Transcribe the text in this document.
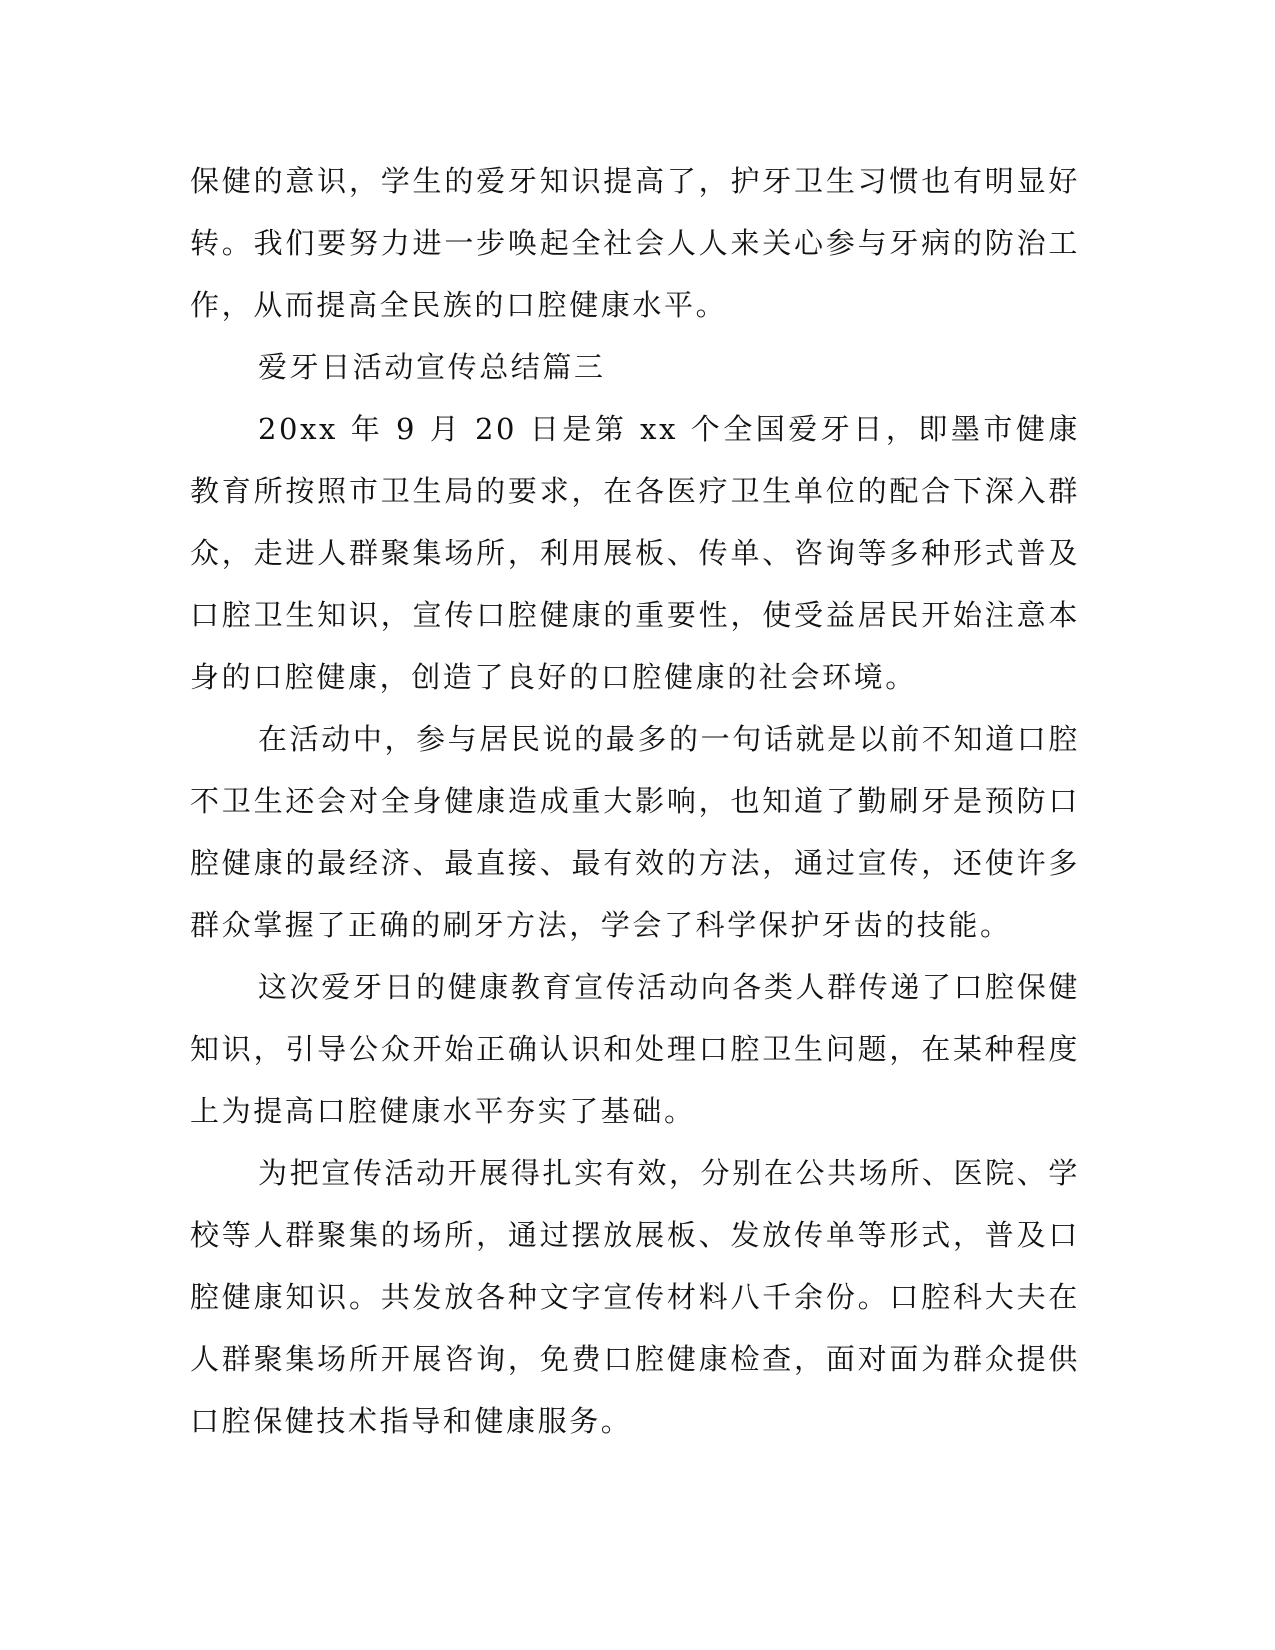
保健的意识，学生的爱牙知识提高了，护牙卫生习惯也有明显好转。我们要努力进一步唤起全社会人人来关心参与牙病的防治工作，从而提高全民族的口腔健康水平。

爱牙日活动宣传总结篇三

20xx 年 9 月 20 日是第 xx 个全国爱牙日，即墨市健康教育所按照市卫生局的要求，在各医疗卫生单位的配合下深入群众，走进人群聚集场所，利用展板、传单、咨询等多种形式普及口腔卫生知识，宣传口腔健康的重要性，使受益居民开始注意本身的口腔健康，创造了良好的口腔健康的社会环境。

在活动中，参与居民说的最多的一句话就是以前不知道口腔不卫生还会对全身健康造成重大影响，也知道了勤刷牙是预防口腔健康的最经济、最直接、最有效的方法，通过宣传，还使许多群众掌握了正确的刷牙方法，学会了科学保护牙齿的技能。

这次爱牙日的健康教育宣传活动向各类人群传递了口腔保健知识，引导公众开始正确认识和处理口腔卫生问题，在某种程度上为提高口腔健康水平夯实了基础。

为把宣传活动开展得扎实有效，分别在公共场所、医院、学校等人群聚集的场所，通过摆放展板、发放传单等形式，普及口腔健康知识。共发放各种文字宣传材料八千余份。口腔科大夫在人群聚集场所开展咨询，免费口腔健康检查，面对面为群众提供口腔保健技术指导和健康服务。
